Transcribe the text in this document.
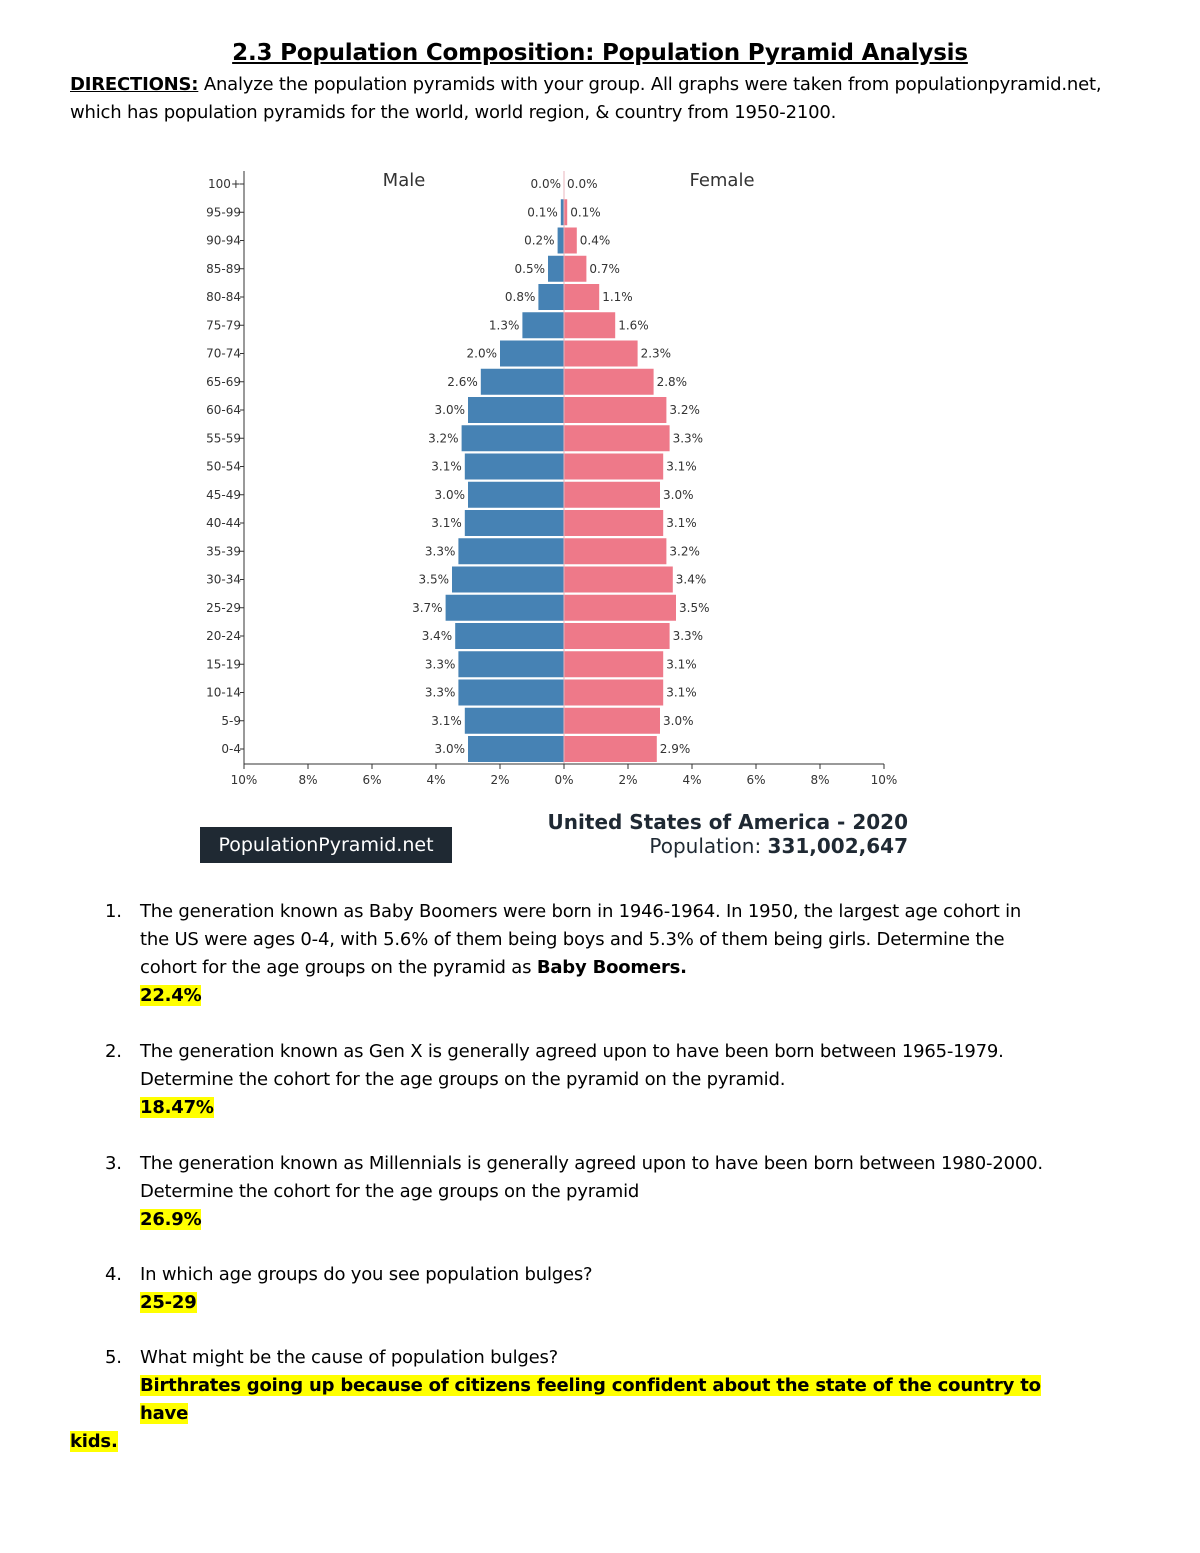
2.3 Population Composition: Population Pyramid Analysis
DIRECTIONS: Analyze the population pyramids with your group. All graphs were taken from populationpyramid.net, which has population pyramids for the world, world region, & country from 1950-2100.
Male	Female
0.0% 0.0%
100+
0.1% 0.1%
95-99
0.2% 0.4%
90-94
0.5%	0.7%
85-89
0.8%	1.1%
80-84
1.3%	1.6%
75-79
2.0%	2.3%
70-74
2.6%	2.8%
65-69
3.0%	3.2%
60-64
3.2%	3.3%
55-59
3.1%	3.1%
50-54
3.0%	3.0%
45-49
3.1%	3.1%
40-44
3.3%	3.2%
35-39
3.5%	3.4%
30-34
3.7%	3.5%
25-29
3.4%	3.3%
20-24
3.3%	3.1%
15-19
3.3%	3.1%
10-14
3.1%	3.0%
5-9
3.0%	2.9%
0-4
10%	8%	6%	4%	2%	0%	2%	4%	6%	8%	10%
PopulationPyramid.net
United States of America - 2020
Population: 331,002,647
1. The generation known as Baby Boomers were born in 1946-1964. In 1950, the largest age cohort in the US were ages 0-4, with 5.6% of them being boys and 5.3% of them being girls. Determine the cohort for the age groups on the pyramid as Baby Boomers.
22.4%
2. The generation known as Gen X is generally agreed upon to have been born between 1965-1979. Determine the cohort for the age groups on the pyramid on the pyramid.
18.47%
3. The generation known as Millennials is generally agreed upon to have been born between 1980-2000. Determine the cohort for the age groups on the pyramid
26.9%
4. In which age groups do you see population bulges?
25-29
5. What might be the cause of population bulges?
Birthrates going up because of citizens feeling confident about the state of the country to have
kids.
